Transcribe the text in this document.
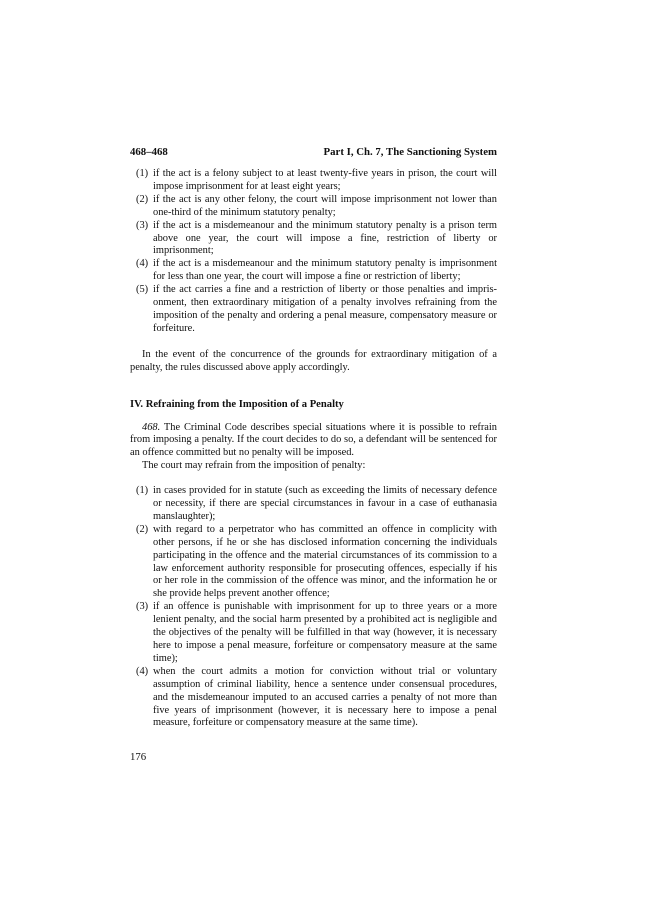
468–468	Part I, Ch. 7, The Sanctioning System
(1) if the act is a felony subject to at least twenty-five years in prison, the court will impose imprisonment for at least eight years;
(2) if the act is any other felony, the court will impose imprisonment not lower than one-third of the minimum statutory penalty;
(3) if the act is a misdemeanour and the minimum statutory penalty is a prison term above one year, the court will impose a fine, restriction of liberty or imprisonment;
(4) if the act is a misdemeanour and the minimum statutory penalty is imprisonment for less than one year, the court will impose a fine or restriction of liberty;
(5) if the act carries a fine and a restriction of liberty or those penalties and imprisonment, then extraordinary mitigation of a penalty involves refraining from the imposition of the penalty and ordering a penal measure, compensatory measure or forfeiture.

In the event of the concurrence of the grounds for extraordinary mitigation of a penalty, the rules discussed above apply accordingly.

IV. Refraining from the Imposition of a Penalty

468. The Criminal Code describes special situations where it is possible to refrain from imposing a penalty. If the court decides to do so, a defendant will be sentenced for an offence committed but no penalty will be imposed.

The court may refrain from the imposition of penalty:

(1) in cases provided for in statute (such as exceeding the limits of necessary defence or necessity, if there are special circumstances in favour in a case of euthanasia manslaughter);
(2) with regard to a perpetrator who has committed an offence in complicity with other persons, if he or she has disclosed information concerning the individuals participating in the offence and the material circumstances of its commission to a law enforcement authority responsible for prosecuting offences, especially if his or her role in the commission of the offence was minor, and the information he or she provide helps prevent another offence;
(3) if an offence is punishable with imprisonment for up to three years or a more lenient penalty, and the social harm presented by a prohibited act is negligible and the objectives of the penalty will be fulfilled in that way (however, it is necessary here to impose a penal measure, forfeiture or compensatory measure at the same time);
(4) when the court admits a motion for conviction without trial or voluntary assumption of criminal liability, hence a sentence under consensual procedures, and the misdemeanour imputed to an accused carries a penalty of not more than five years of imprisonment (however, it is necessary here to impose a penal measure, forfeiture or compensatory measure at the same time).
176
